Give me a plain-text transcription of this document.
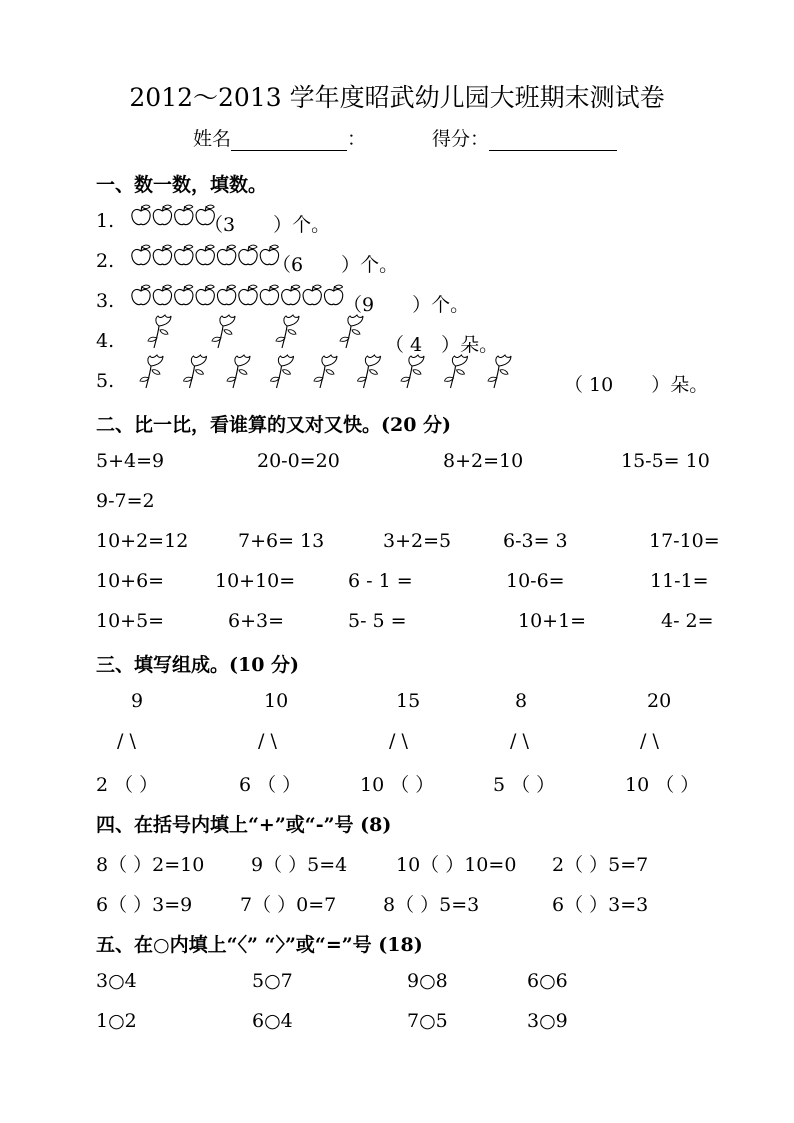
2012～2013 学年度昭武幼儿园大班期末测试卷
姓名	：	得分：
一、数一数，填数。
1.	（3　　）个。
2.	（6　　）个。
3.	（9　　）个。
4.	（ 4　）朵。
5.	（ 10　　）朵。
二、比一比，看谁算的又对又快。(20 分)
5+4=9	20-0=20	8+2=10	15-5= 10
9-7=2
10+2=12	7+6= 13	3+2=5	6-3= 3	17-10=
10+6=	10+10=	6 - 1 =	10-6=	11-1=
10+5=	6+3=	5- 5 =	10+1=	4- 2=
三、填写组成。(10 分)
9	10	15	8	20
/ \	/ \	/ \	/ \	/ \
2 （ ）	6 （ ）	10 （ ）	5 （ ）	10 （ ）
四、在括号内填上“+”或“-”号 (8)
8（ ）2=10 9（ ）5=4	10（ ）10=0 2（ ）5=7
6（ ）3=9	7（ ）0=7 8（ ）5=3	6（ ）3=3
五、在○内填上“〈” “〉”或“=”号 (18)
3○4	5○7	9○8	6○6
1○2	6○4	7○5	3○9
